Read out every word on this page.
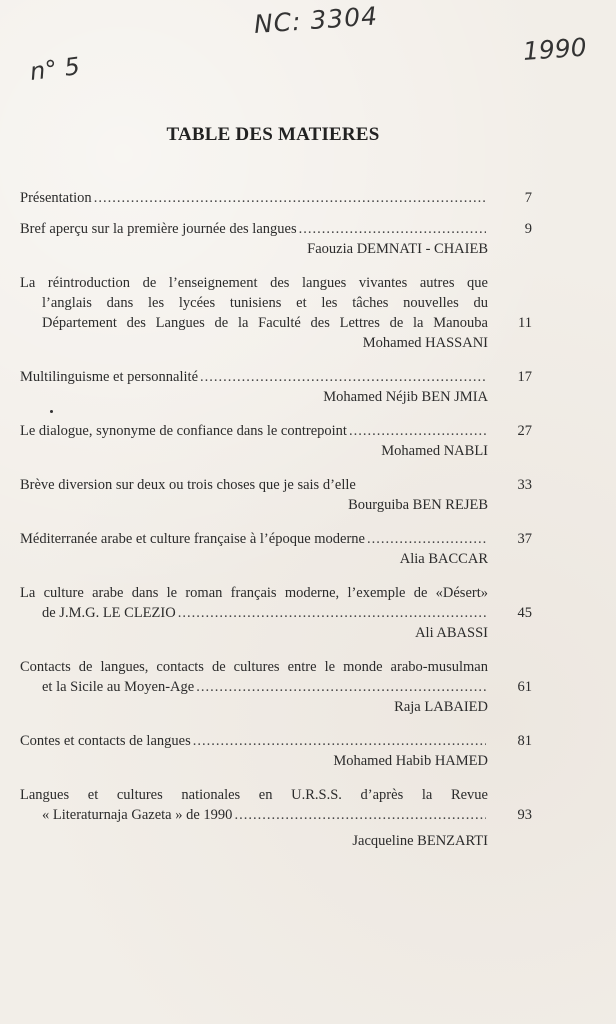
NC: 3304
n° 5
1990
TABLE DES MATIERES
7
Présentation
.....
9
Bref aperçu sur la première journée des langues
.....
Faouzia DEMNATI - CHAIEB
11
La réintroduction de l’enseignement des langues vivantes autres que
l’anglais dans les lycées tunisiens et les tâches nouvelles du
Département des Langues de la Faculté des Lettres de la Manouba
Mohamed HASSANI
17
Multilinguisme et personnalité
.....
Mohamed Néjib BEN JMIA
27
Le dialogue, synonyme de confiance dans le contrepoint
.....
Mohamed NABLI
33
Brève diversion sur deux ou trois choses que je sais d’elle
Bourguiba BEN REJEB
37
Méditerranée arabe et culture française à l’époque moderne
.....
Alia BACCAR
45
La culture arabe dans le roman français moderne, l’exemple de «Désert»
de J.M.G. LE CLEZIO
.....
Ali ABASSI
61
Contacts de langues, contacts de cultures entre le monde arabo-musulman
et la Sicile au Moyen-Age
.....
Raja LABAIED
81
Contes et contacts de langues
.....
Mohamed Habib HAMED
93
Langues et cultures nationales en U.R.S.S. d’après la Revue
« Literaturnaja Gazeta » de 1990
.....
Jacqueline BENZARTI
